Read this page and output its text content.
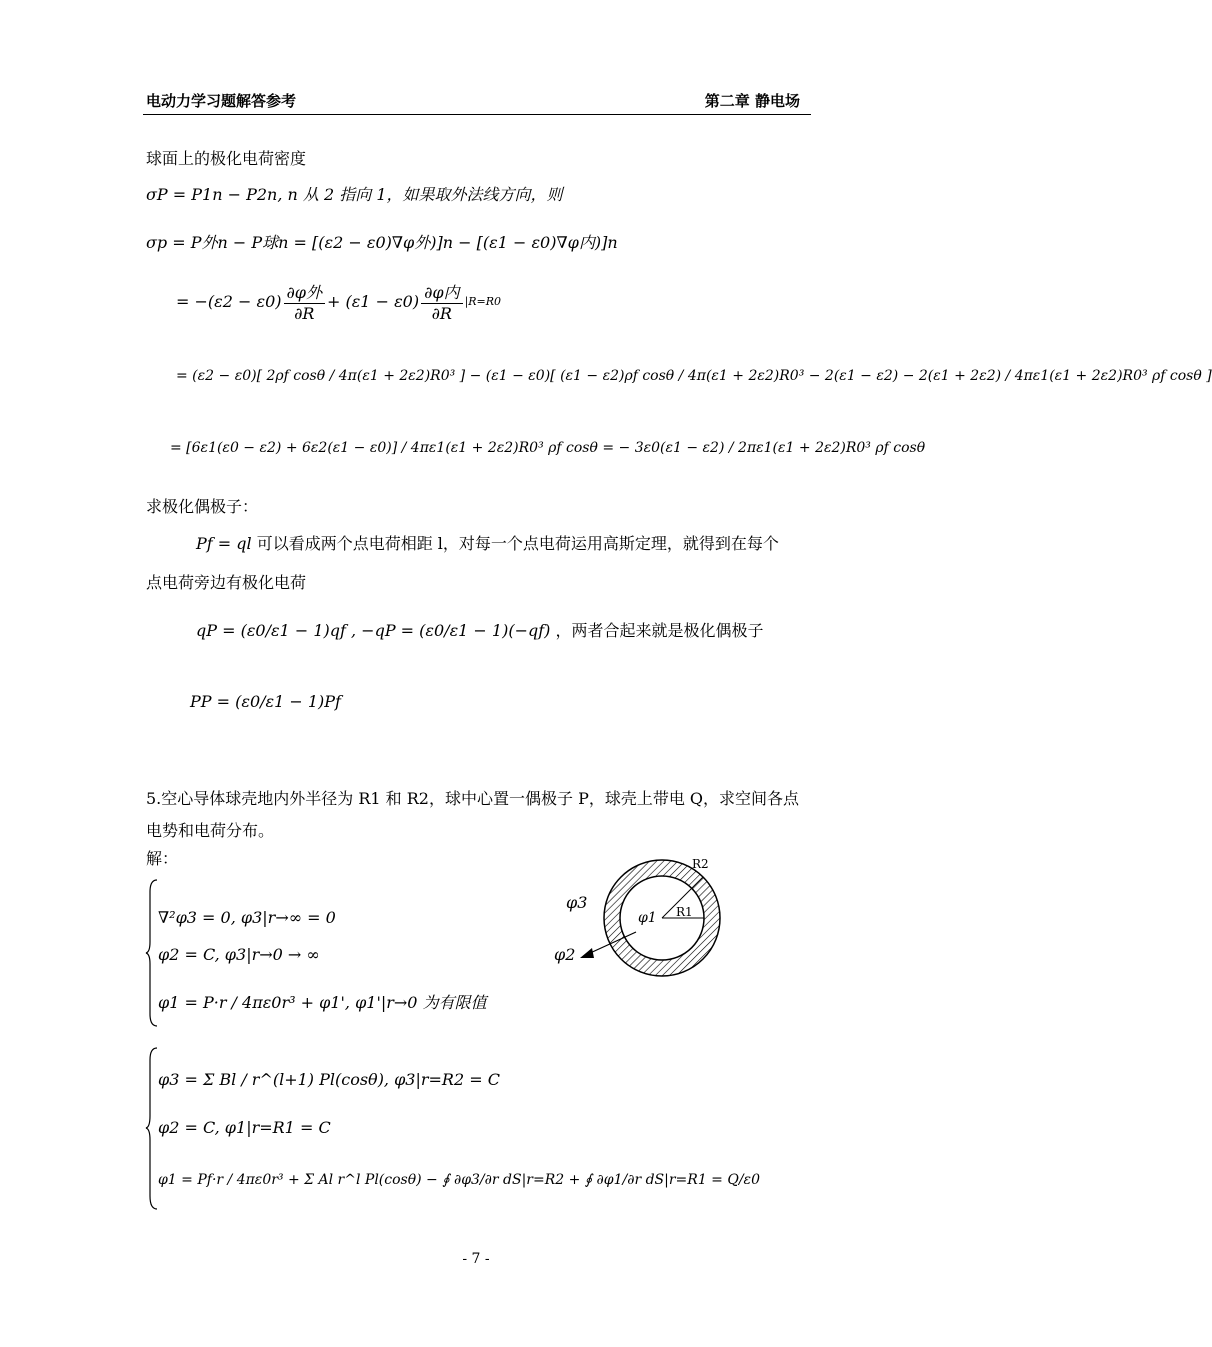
电动力学习题解答参考	第二章 静电场
球面上的极化电荷密度
σP = P1n − P2n, n 从 2 指向 1，如果取外法线方向，则
σp = P外n − P球n = [(ε2 − ε0)∇φ外)]n − [(ε1 − ε0)∇φ内)]n
= $-(\varepsilon 2 - \varepsilon 0) \frac{\text{∂φ外}}{\partial R} + (\varepsilon 1 - \varepsilon 0) \frac{\text{∂φ内}}{\partial R} |R=R0$
= (ε2 − ε0)[ 2ρf cosθ / 4π(ε1 + 2ε2)R0³ ] − (ε1 − ε0)[ (ε1 − ε2)ρf cosθ / 4π(ε1 + 2ε2)R0³ − 2(ε1 − ε2) − 2(ε1 + 2ε2) / 4πε1(ε1 + 2ε2)R0³ ρf cosθ ]
= [6ε1(ε0 − ε2) + 6ε2(ε1 − ε0)] / 4πε1(ε1 + 2ε2)R0³ ρf cosθ = − 3ε0(ε1 − ε2) / 2πε1(ε1 + 2ε2)R0³ ρf cosθ
求极化偶极子：
Pf = ql 可以看成两个点电荷相距 l，对每一个点电荷运用高斯定理，就得到在每个
点电荷旁边有极化电荷
qP = (ε0/ε1 − 1)qf , −qP = (ε0/ε1 − 1)(−qf) ，两者合起来就是极化偶极子
PP = (ε0/ε1 − 1)Pf
5.空心导体球壳地内外半径为 R1 和 R2，球中心置一偶极子 P，球壳上带电 Q，求空间各点
电势和电荷分布。
解：
∇²φ3 = 0, φ3|r→∞ = 0
φ2 = C, φ3|r→0 → ∞
φ1 = P·r / 4πε0r³ + φ1', φ1'|r→0 为有限值
φ3 = Σ Bl / r^(l+1) Pl(cosθ), φ3|r=R2 = C
φ2 = C, φ1|r=R1 = C
φ1 = Pf·r / 4πε0r³ + Σ Al r^l Pl(cosθ) − ∮ ∂φ3/∂r dS|r=R2 + ∮ ∂φ1/∂r dS|r=R1 = Q/ε0
φ3
φ2
φ1 R1
R2
- 7 -
